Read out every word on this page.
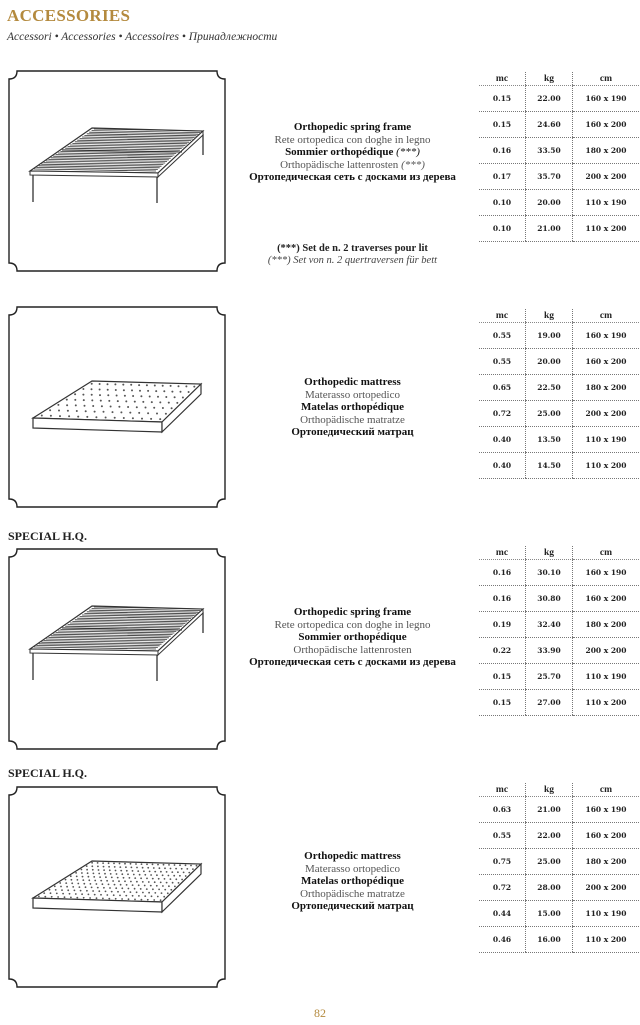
ACCESSORIES
Accessori • Accessories • Accessoires • Принадлежности
Orthopedic spring frame
Rete ortopedica con doghe in legno
Sommier orthopédique (***)
Orthopädische lattenrosten (***)
Ортопедическая сеть с досками из дерева
(***) Set de n. 2 traverses pour lit
(***) Set von n. 2 quertraversen für bett
mc	kg	cm
0.15	22.00	160 x 190
0.15	24.60	160 x 200
0.16	33.50	180 x 200
0.17	35.70	200 x 200
0.10	20.00	110 x 190
0.10	21.00	110 x 200
Orthopedic mattress
Materasso ortopedico
Matelas orthopédique
Orthopädische matratze
Ортопедический матрац
mc	kg	cm
0.55	19.00	160 x 190
0.55	20.00	160 x 200
0.65	22.50	180 x 200
0.72	25.00	200 x 200
0.40	13.50	110 x 190
0.40	14.50	110 x 200
SPECIAL H.Q.
Orthopedic spring frame
Rete ortopedica con doghe in legno
Sommier orthopédique
Orthopädische lattenrosten
Ортопедическая сеть с досками из дерева
mc	kg	cm
0.16	30.10	160 x 190
0.16	30.80	160 x 200
0.19	32.40	180 x 200
0.22	33.90	200 x 200
0.15	25.70	110 x 190
0.15	27.00	110 x 200
SPECIAL H.Q.
Orthopedic mattress
Materasso ortopedico
Matelas orthopédique
Orthopädische matratze
Ортопедический матрац
mc	kg	cm
0.63	21.00	160 x 190
0.55	22.00	160 x 200
0.75	25.00	180 x 200
0.72	28.00	200 x 200
0.44	15.00	110 x 190
0.46	16.00	110 x 200
82
